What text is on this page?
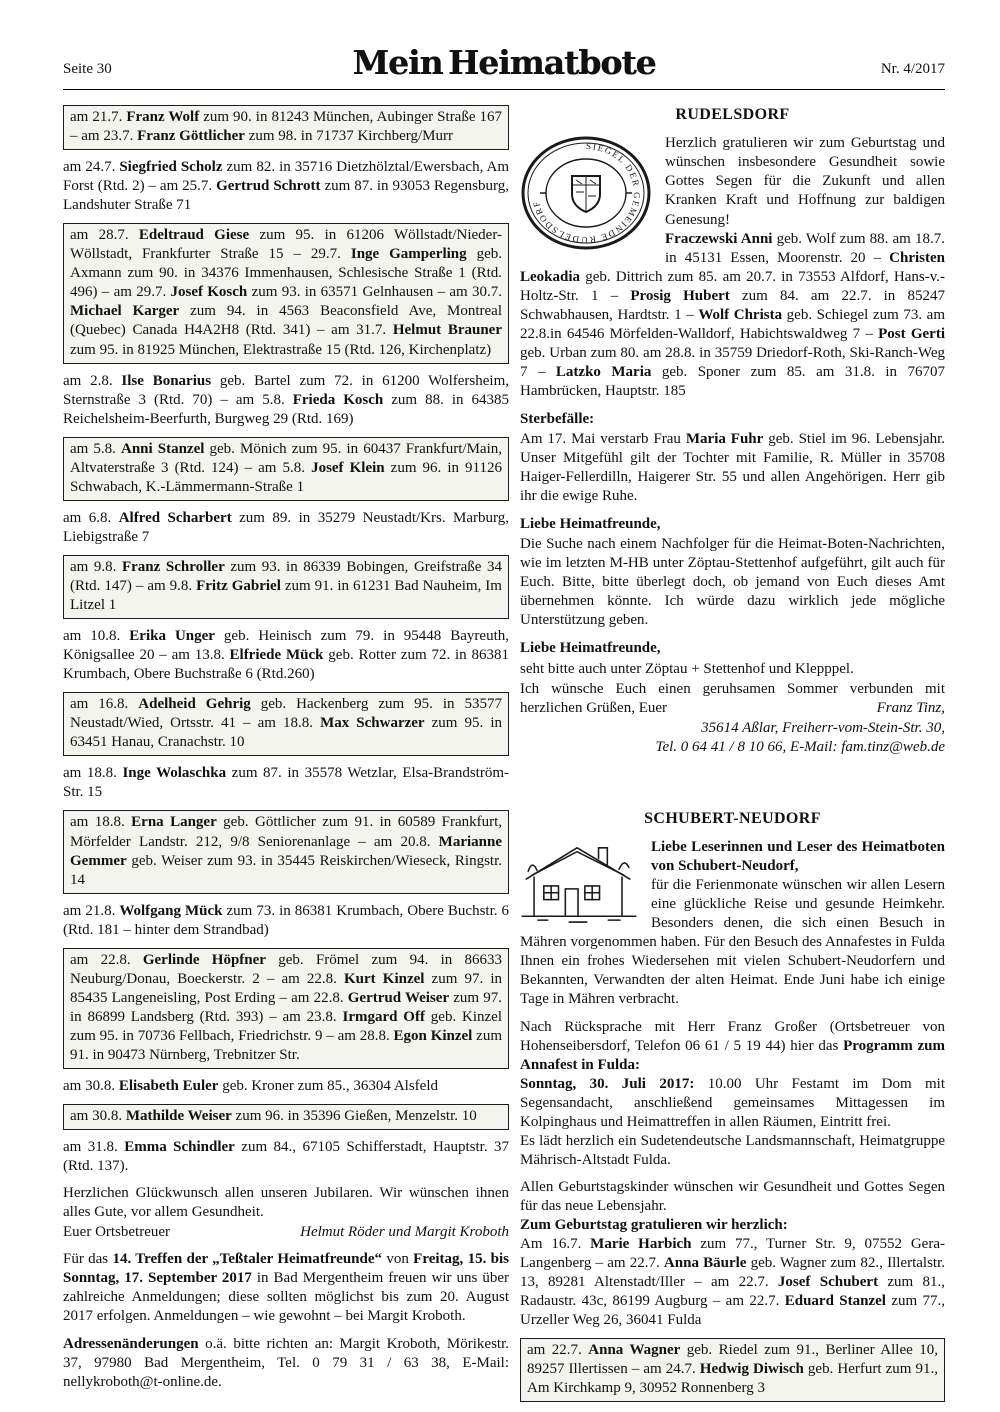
Seite 30	Mein Heimatbote	Nr. 4/2017

am 21.7. Franz Wolf zum 90. in 81243 München, Aubinger Straße 167 – am 23.7. Franz Göttlicher zum 98. in 71737 Kirchberg/Murr

am 24.7. Siegfried Scholz zum 82. in 35716 Dietzhölztal/Ewersbach, Am Forst (Rtd. 2) – am 25.7. Gertrud Schrott zum 87. in 93053 Regensburg, Landshuter Straße 71

am 28.7. Edeltraud Giese zum 95. in 61206 Wöllstadt/Nieder-Wöllstadt, Frankfurter Straße 15 – 29.7. Inge Gamperling geb. Axmann zum 90. in 34376 Immenhausen, Schlesische Straße 1 (Rtd. 496) – am 29.7. Josef Kosch zum 93. in 63571 Gelnhausen – am 30.7. Michael Karger zum 94. in 4563 Beaconsfield Ave, Montreal (Quebec) Canada H4A2H8 (Rtd. 341) – am 31.7. Helmut Brauner zum 95. in 81925 München, Elektrastraße 15 (Rtd. 126, Kirchenplatz)

am 2.8. Ilse Bonarius geb. Bartel zum 72. in 61200 Wolfersheim, Sternstraße 3 (Rtd. 70) – am 5.8. Frieda Kosch zum 88. in 64385 Reichelsheim-Beerfurth, Burgweg 29 (Rtd. 169)

am 5.8. Anni Stanzel geb. Mönich zum 95. in 60437 Frankfurt/Main, Altvaterstraße 3 (Rtd. 124) – am 5.8. Josef Klein zum 96. in 91126 Schwabach, K.-Lämmermann-Straße 1

am 6.8. Alfred Scharbert zum 89. in 35279 Neustadt/Krs. Marburg, Liebigstraße 7

am 9.8. Franz Schroller zum 93. in 86339 Bobingen, Greifstraße 34 (Rtd. 147) – am 9.8. Fritz Gabriel zum 91. in 61231 Bad Nauheim, Im Litzel 1

am 10.8. Erika Unger geb. Heinisch zum 79. in 95448 Bayreuth, Königsallee 20 – am 13.8. Elfriede Mück geb. Rotter zum 72. in 86381 Krumbach, Obere Buchstraße 6 (Rtd.260)

am 16.8. Adelheid Gehrig geb. Hackenberg zum 95. in 53577 Neustadt/Wied, Ortsstr. 41 – am 18.8. Max Schwarzer zum 95. in 63451 Hanau, Cranachstr. 10

am 18.8. Inge Wolaschka zum 87. in 35578 Wetzlar, Elsa-Brandström-Str. 15

am 18.8. Erna Langer geb. Göttlicher zum 91. in 60589 Frankfurt, Mörfelder Landstr. 212, 9/8 Seniorenanlage – am 20.8. Marianne Gemmer geb. Weiser zum 93. in 35445 Reiskirchen/Wieseck, Ringstr. 14

am 21.8. Wolfgang Mück zum 73. in 86381 Krumbach, Obere Buchstr. 6 (Rtd. 181 – hinter dem Strandbad)

am 22.8. Gerlinde Höpfner geb. Frömel zum 94. in 86633 Neuburg/Donau, Boeckerstr. 2 – am 22.8. Kurt Kinzel zum 97. in 85435 Langeneisling, Post Erding – am 22.8. Gertrud Weiser zum 97. in 86899 Landsberg (Rtd. 393) – am 23.8. Irmgard Off geb. Kinzel zum 95. in 70736 Fellbach, Friedrichstr. 9 – am 28.8. Egon Kinzel zum 91. in 90473 Nürnberg, Trebnitzer Str.

am 30.8. Elisabeth Euler geb. Kroner zum 85., 36304 Alsfeld

am 30.8. Mathilde Weiser zum 96. in 35396 Gießen, Menzelstr. 10

am 31.8. Emma Schindler zum 84., 67105 Schifferstadt, Hauptstr. 37 (Rtd. 137).

Herzlichen Glückwunsch allen unseren Jubilaren. Wir wünschen ihnen alles Gute, vor allem Gesundheit.

Euer Ortsbetreuer	Helmut Röder und Margit Kroboth

Für das 14. Treffen der „Teßtaler Heimatfreunde“ von Freitag, 15. bis Sonntag, 17. September 2017 in Bad Mergentheim freuen wir uns über zahlreiche Anmeldungen; diese sollten möglichst bis zum 20. August 2017 erfolgen. Anmeldungen – wie gewohnt – bei Margit Kroboth.

Adressenänderungen o.ä. bitte richten an: Margit Kroboth, Mörikestr. 37, 97980 Bad Mergentheim, Tel. 0 79 31 / 63 38, E-Mail: nellykroboth@t-online.de.

RUDELSDORF
SIEGEL DER GEMEINDE RUDELSDORF

Herzlich gratulieren wir zum Geburtstag und wünschen insbesondere Gesundheit sowie Gottes Segen für die Zukunft und allen Kranken Kraft und Hoffnung zur baldigen Genesung!
Fraczewski Anni geb. Wolf zum 88. am 18.7. in 45131 Essen, Moorenstr. 20 – Christen Leokadia geb. Dittrich zum 85. am 20.7. in 73553 Alfdorf, Hans-v.-Holtz-Str. 1 – Prosig Hubert zum 84. am 22.7. in 85247 Schwabhausen, Hardtstr. 1 – Wolf Christa geb. Schiegel zum 73. am 22.8.in 64546 Mörfelden-Walldorf, Habichtswaldweg 7 – Post Gerti geb. Urban zum 80. am 28.8. in 35759 Driedorf-Roth, Ski-Ranch-Weg 7 – Latzko Maria geb. Sponer zum 85. am 31.8. in 76707 Hambrücken, Hauptstr. 185

Sterbefälle:

Am 17. Mai verstarb Frau Maria Fuhr geb. Stiel im 96. Lebensjahr. Unser Mitgefühl gilt der Tochter mit Familie, R. Müller in 35708 Haiger-Fellerdilln, Haigerer Str. 55 und allen Angehörigen. Herr gib ihr die ewige Ruhe.

Liebe Heimatfreunde,

Die Suche nach einem Nachfolger für die Heimat-Boten-Nachrichten, wie im letzten M-HB unter Zöptau-Stettenhof aufgeführt, gilt auch für Euch. Bitte, bitte überlegt doch, ob jemand von Euch dieses Amt übernehmen könnte. Ich würde dazu wirklich jede mögliche Unterstützung geben.

Liebe Heimatfreunde,

seht bitte auch unter Zöptau + Stettenhof und Klepppel.

Ich wünsche Euch einen geruhsamen Sommer verbunden mit herzlichen Grüßen, Euer	Franz Tinz,

35614 Aßlar, Freiherr-vom-Stein-Str. 30,
Tel. 0 64 41 / 8 10 66, E-Mail: fam.tinz@web.de

SCHUBERT-NEUDORF

Liebe Leserinnen und Leser des Heimatboten von Schubert-Neudorf,
für die Ferienmonate wünschen wir allen Lesern eine glückliche Reise und gesunde Heimkehr. Besonders denen, die sich einen Besuch in Mähren vorgenommen haben. Für den Besuch des Annafestes in Fulda Ihnen ein frohes Wiedersehen mit vielen Schubert-Neudorfern und Bekannten, Verwandten der alten Heimat. Ende Juni habe ich einige Tage in Mähren verbracht.

Nach Rücksprache mit Herr Franz Großer (Ortsbetreuer von Hohenseibersdorf, Telefon 06 61 / 5 19 44) hier das Programm zum Annafest in Fulda:
Sonntag, 30. Juli 2017: 10.00 Uhr Festamt im Dom mit Segensandacht, anschließend gemeinsames Mittagessen im Kolpinghaus und Heimattreffen in allen Räumen, Eintritt frei.
Es lädt herzlich ein Sudetendeutsche Landsmannschaft, Heimatgruppe Mährisch-Altstadt Fulda.

Allen Geburtstagskinder wünschen wir Gesundheit und Gottes Segen für das neue Lebensjahr.
Zum Geburtstag gratulieren wir herzlich:
Am 16.7. Marie Harbich zum 77., Turner Str. 9, 07552 Gera-Langenberg – am 22.7. Anna Bäurle geb. Wagner zum 82., Illertalstr. 13, 89281 Altenstadt/Iller – am 22.7. Josef Schubert zum 81., Radaustr. 43c, 86199 Augburg – am 22.7. Eduard Stanzel zum 77., Urzeller Weg 26, 36041 Fulda

am 22.7. Anna Wagner geb. Riedel zum 91., Berliner Allee 10, 89257 Illertissen – am 24.7. Hedwig Diwisch geb. Herfurt zum 91., Am Kirchkamp 9, 30952 Ronnenberg 3
